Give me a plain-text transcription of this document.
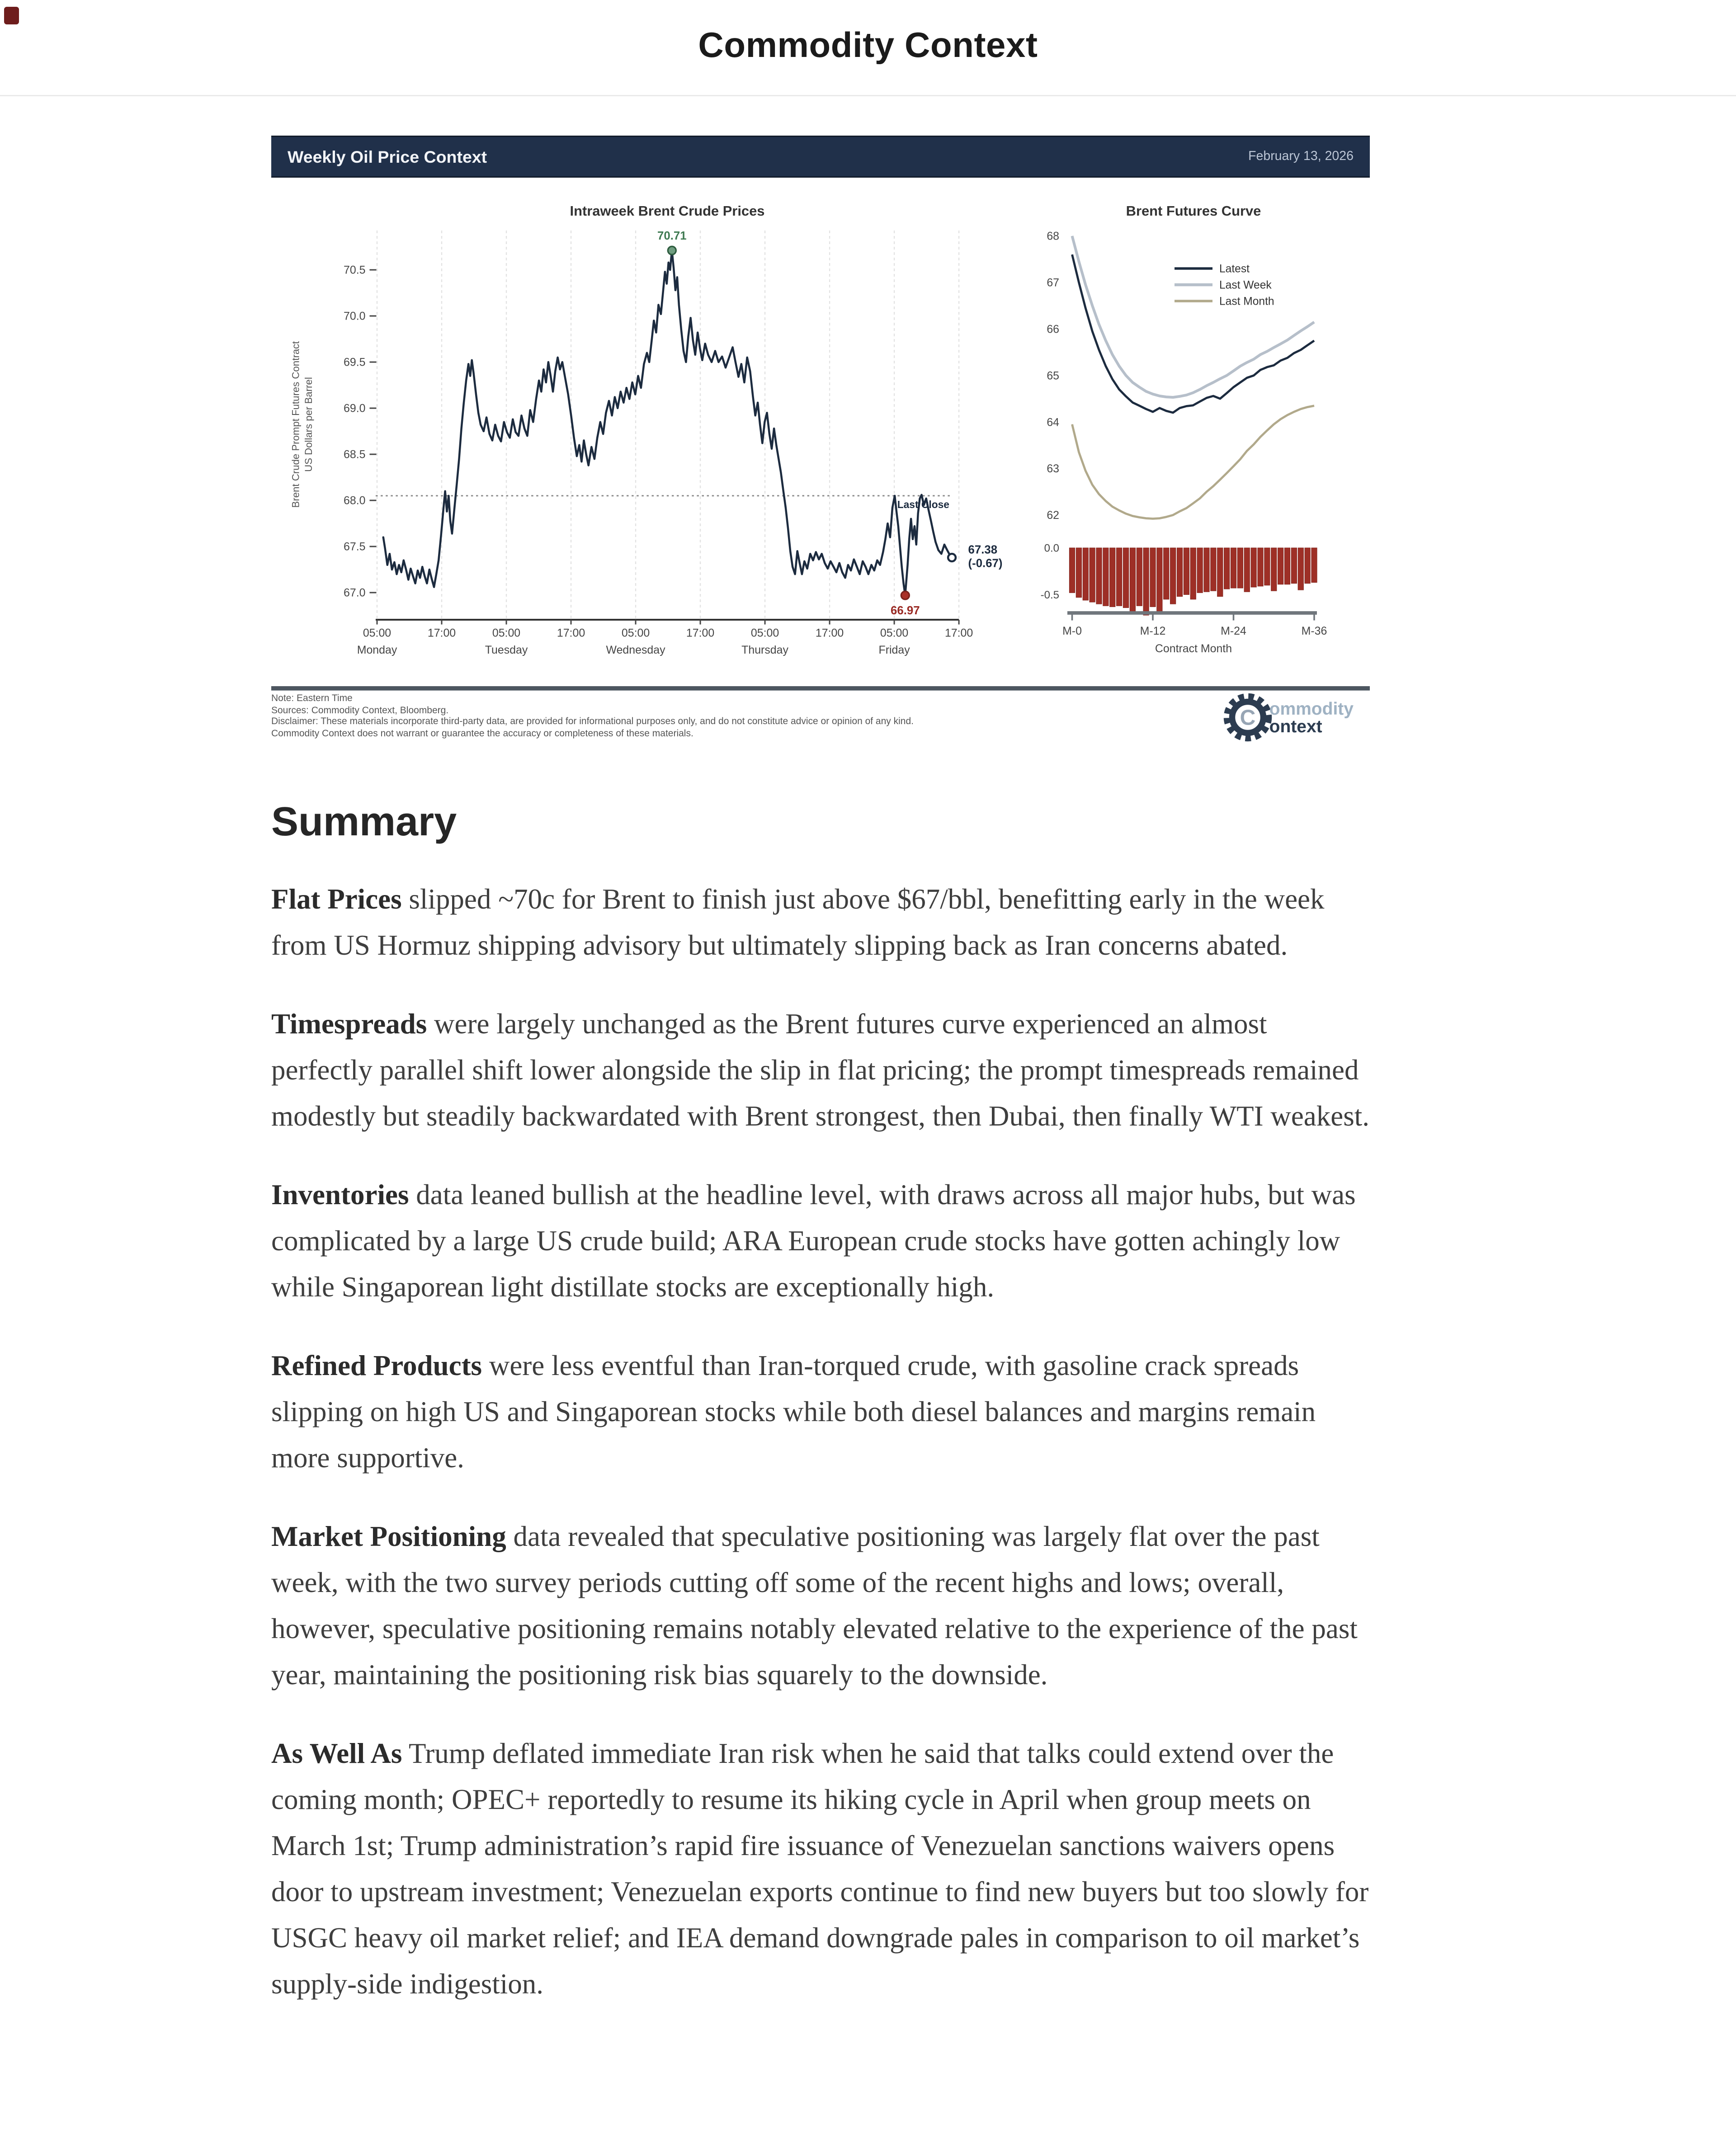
Commodity Context
Weekly Oil Price Context	February 13, 2026
Intraweek Brent Crude Prices
70.5
70.0
69.5
69.0
68.5
68.0
67.5
67.0
Brent Crude Prompt Futures Contract US Dollars per Barrel
05:00
Monday
17:00	05:00
Tuesday
17:00	05:00
Wednesday
17:00	05:00
Thursday
17:00	05:00
Friday
17:00
Last Close
70.71
66.97
67.38
(-0.67)
Brent Futures Curve
68
67
66
65
64
63
62
Latest
Last Week
Last Month
0.0
-0.5
M-0	M-12	M-24	M-36
Contract Month
Note: Eastern Time
Sources: Commodity Context, Bloomberg.
Disclaimer: These materials incorporate third-party data, are provided for informational purposes only, and do not constitute advice or opinion of any kind. Commodity Context does not warrant or guarantee the accuracy or completeness of these materials.
C ommodity
ontext
Summary

Flat Prices slipped ~70c for Brent to finish just above $67/bbl, benefitting early in the week from US Hormuz shipping advisory but ultimately slipping back as Iran concerns abated.

Timespreads were largely unchanged as the Brent futures curve experienced an almost perfectly parallel shift lower alongside the slip in flat pricing; the prompt timespreads remained modestly but steadily backwardated with Brent strongest, then Dubai, then finally WTI weakest.

Inventories data leaned bullish at the headline level, with draws across all major hubs, but was complicated by a large US crude build; ARA European crude stocks have gotten achingly low while Singaporean light distillate stocks are exceptionally high.

Refined Products were less eventful than Iran-torqued crude, with gasoline crack spreads slipping on high US and Singaporean stocks while both diesel balances and margins remain more supportive.

Market Positioning data revealed that speculative positioning was largely flat over the past week, with the two survey periods cutting off some of the recent highs and lows; overall, however, speculative positioning remains notably elevated relative to the experience of the past year, maintaining the positioning risk bias squarely to the downside.

As Well As Trump deflated immediate Iran risk when he said that talks could extend over the coming month; OPEC+ reportedly to resume its hiking cycle in April when group meets on March 1st; Trump administration’s rapid fire issuance of Venezuelan sanctions waivers opens door to upstream investment; Venezuelan exports continue to find new buyers but too slowly for USGC heavy oil market relief; and IEA demand downgrade pales in comparison to oil market’s supply-side indigestion.
